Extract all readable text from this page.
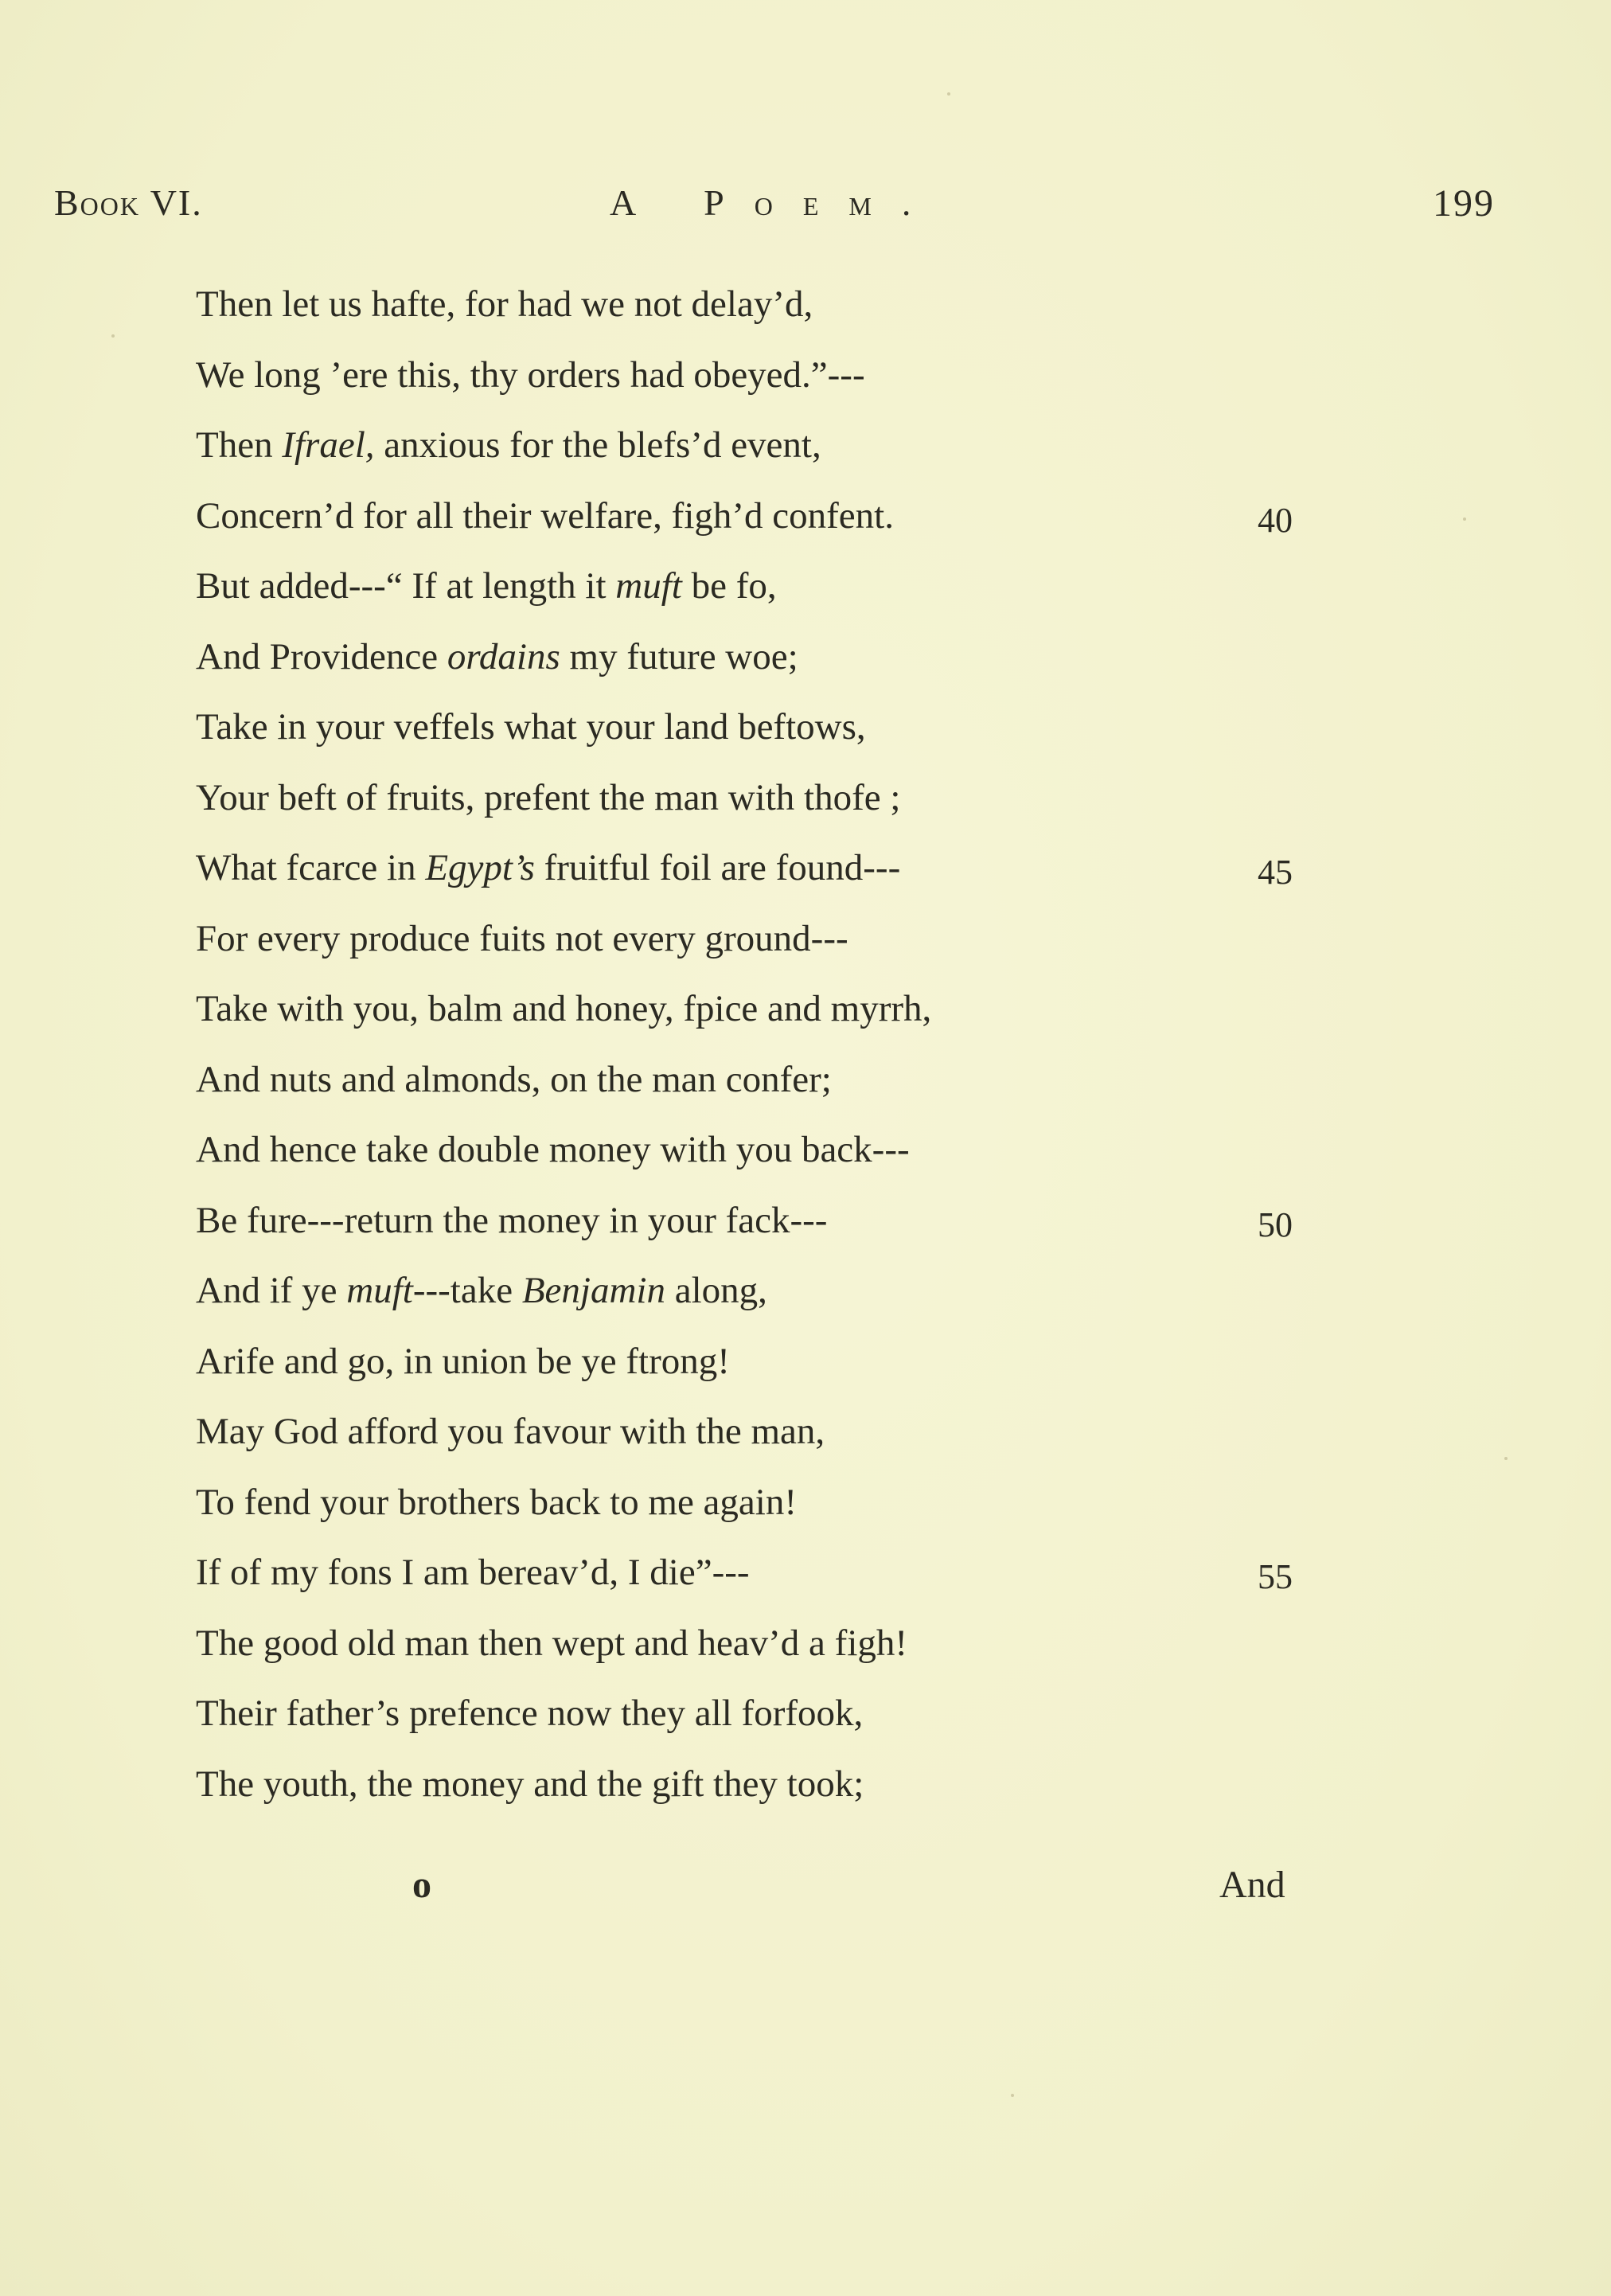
Book VI.	A Poem.	199
Then let us hafte, for had we not delay’d,
We long ’ere this, thy orders had obeyed.”---
Then Ifrael, anxious for the blefs’d event,
Concern’d for all their welfare, figh’d confent.	40
But added---“ If at length it muft be fo,
And Providence ordains my future woe;
Take in your veffels what your land beftows,
Your beft of fruits, prefent the man with thofe ;
What fcarce in Egypt’s fruitful foil are found---	45
For every produce fuits not every ground---
Take with you, balm and honey, fpice and myrrh,
And nuts and almonds, on the man confer;
And hence take double money with you back---
Be fure---return the money in your fack---	50
And if ye muft---take Benjamin along,
Arife and go, in union be ye ftrong!
May God afford you favour with the man,
To fend your brothers back to me again!
If of my fons I am bereav’d, I die”---	55
The good old man then wept and heav’d a figh!
Their father’s prefence now they all forfook,
The youth, the money and the gift they took;
o	And
